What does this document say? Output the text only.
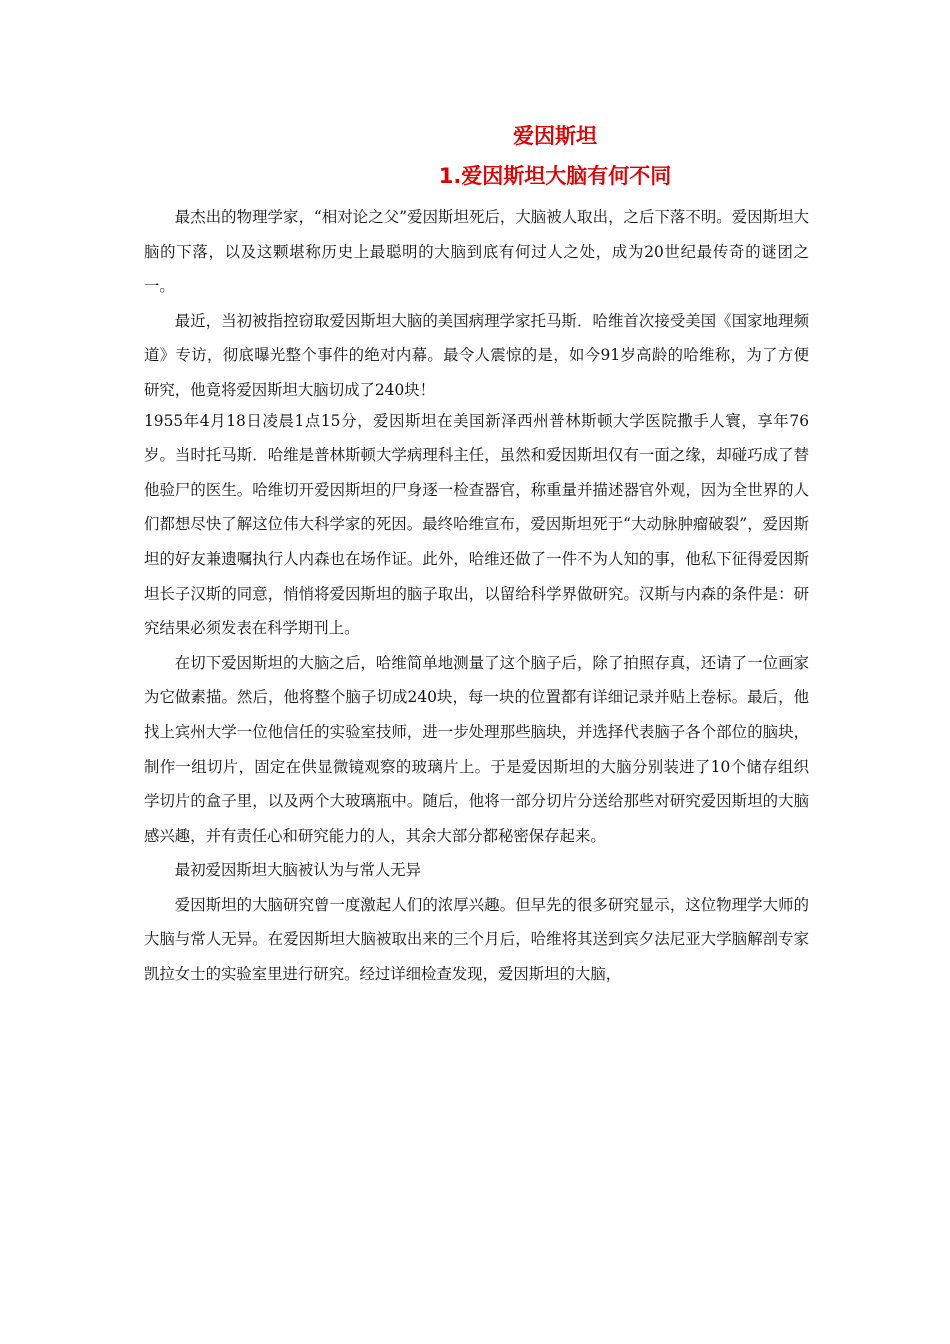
爱因斯坦
1.爱因斯坦大脑有何不同

最杰出的物理学家，“相对论之父”爱因斯坦死后，大脑被人取出，之后下落不明。爱因斯坦大脑的下落，以及这颗堪称历史上最聪明的大脑到底有何过人之处，成为20世纪最传奇的谜团之一。

最近，当初被指控窃取爱因斯坦大脑的美国病理学家托马斯．哈维首次接受美国《国家地理频道》专访，彻底曝光整个事件的绝对内幕。最令人震惊的是，如今91岁高龄的哈维称，为了方便研究，他竟将爱因斯坦大脑切成了240块！

1955年4月18日凌晨1点15分，爱因斯坦在美国新泽西州普林斯顿大学医院撒手人寰，享年76岁。当时托马斯．哈维是普林斯顿大学病理科主任，虽然和爱因斯坦仅有一面之缘，却碰巧成了替他验尸的医生。哈维切开爱因斯坦的尸身逐一检查器官，称重量并描述器官外观，因为全世界的人们都想尽快了解这位伟大科学家的死因。最终哈维宣布，爱因斯坦死于“大动脉肿瘤破裂”，爱因斯坦的好友兼遗嘱执行人内森也在场作证。此外，哈维还做了一件不为人知的事，他私下征得爱因斯坦长子汉斯的同意，悄悄将爱因斯坦的脑子取出，以留给科学界做研究。汉斯与内森的条件是：研究结果必须发表在科学期刊上。

在切下爱因斯坦的大脑之后，哈维简单地测量了这个脑子后，除了拍照存真，还请了一位画家为它做素描。然后，他将整个脑子切成240块，每一块的位置都有详细记录并贴上卷标。最后，他找上宾州大学一位他信任的实验室技师，进一步处理那些脑块，并选择代表脑子各个部位的脑块，制作一组切片，固定在供显微镜观察的玻璃片上。于是爱因斯坦的大脑分别装进了10个储存组织学切片的盒子里，以及两个大玻璃瓶中。随后，他将一部分切片分送给那些对研究爱因斯坦的大脑感兴趣，并有责任心和研究能力的人，其余大部分都秘密保存起来。

最初爱因斯坦大脑被认为与常人无异

爱因斯坦的大脑研究曾一度激起人们的浓厚兴趣。但早先的很多研究显示，这位物理学大师的大脑与常人无异。在爱因斯坦大脑被取出来的三个月后，哈维将其送到宾夕法尼亚大学脑解剖专家凯拉女士的实验室里进行研究。经过详细检查发现，爱因斯坦的大脑，
